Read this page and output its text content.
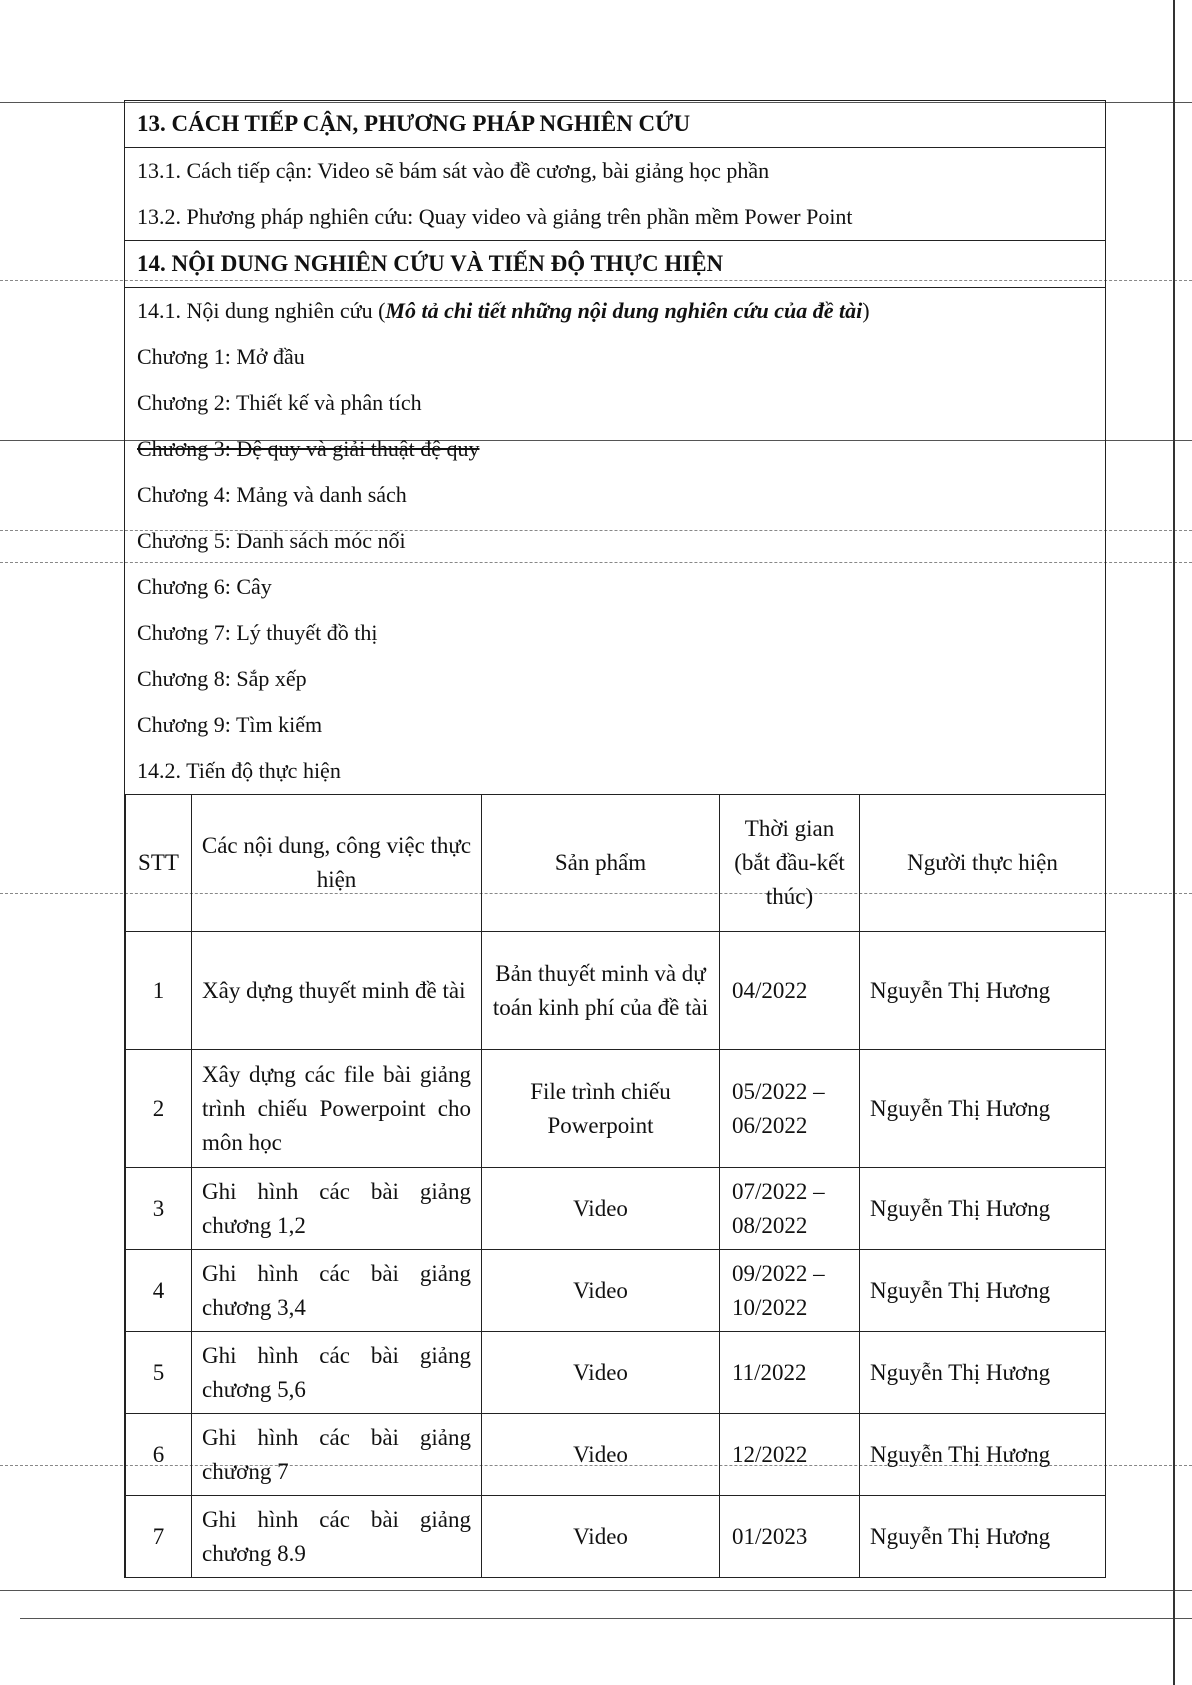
13. CÁCH TIẾP CẬN, PHƯƠNG PHÁP NGHIÊN CỨU
13.1. Cách tiếp cận: Video sẽ bám sát vào đề cương, bài giảng học phần
13.2. Phương pháp nghiên cứu: Quay video và giảng trên phần mềm Power Point
14. NỘI DUNG NGHIÊN CỨU VÀ TIẾN ĐỘ THỰC HIỆN
14.1. Nội dung nghiên cứu (Mô tả chi tiết những nội dung nghiên cứu của đề tài)
Chương 1: Mở đầu
Chương 2: Thiết kế và phân tích
Chương 3: Đệ quy và giải thuật đệ quy
Chương 4: Mảng và danh sách
Chương 5: Danh sách móc nối
Chương 6: Cây
Chương 7: Lý thuyết đồ thị
Chương 8: Sắp xếp
Chương 9: Tìm kiếm
14.2. Tiến độ thực hiện
STT	Các nội dung, công việc thực hiện	Sản phẩm	Thời gian (bắt đầu-kết thúc)	Người thực hiện
1	Xây dựng thuyết minh đề tài	Bản thuyết minh và dự toán kinh phí của đề tài	04/2022	Nguyễn Thị Hương
2	Xây dựng các file bài giảng trình chiếu Powerpoint cho môn học	File trình chiếu Powerpoint	05/2022 – 06/2022	Nguyễn Thị Hương
3	Ghi hình các bài giảng chương 1,2	Video	07/2022 – 08/2022	Nguyễn Thị Hương
4	Ghi hình các bài giảng chương 3,4	Video	09/2022 – 10/2022	Nguyễn Thị Hương
5	Ghi hình các bài giảng chương 5,6	Video	11/2022	Nguyễn Thị Hương
6	Ghi hình các bài giảng chương 7	Video	12/2022	Nguyễn Thị Hương
7	Ghi hình các bài giảng chương 8.9	Video	01/2023	Nguyễn Thị Hương
